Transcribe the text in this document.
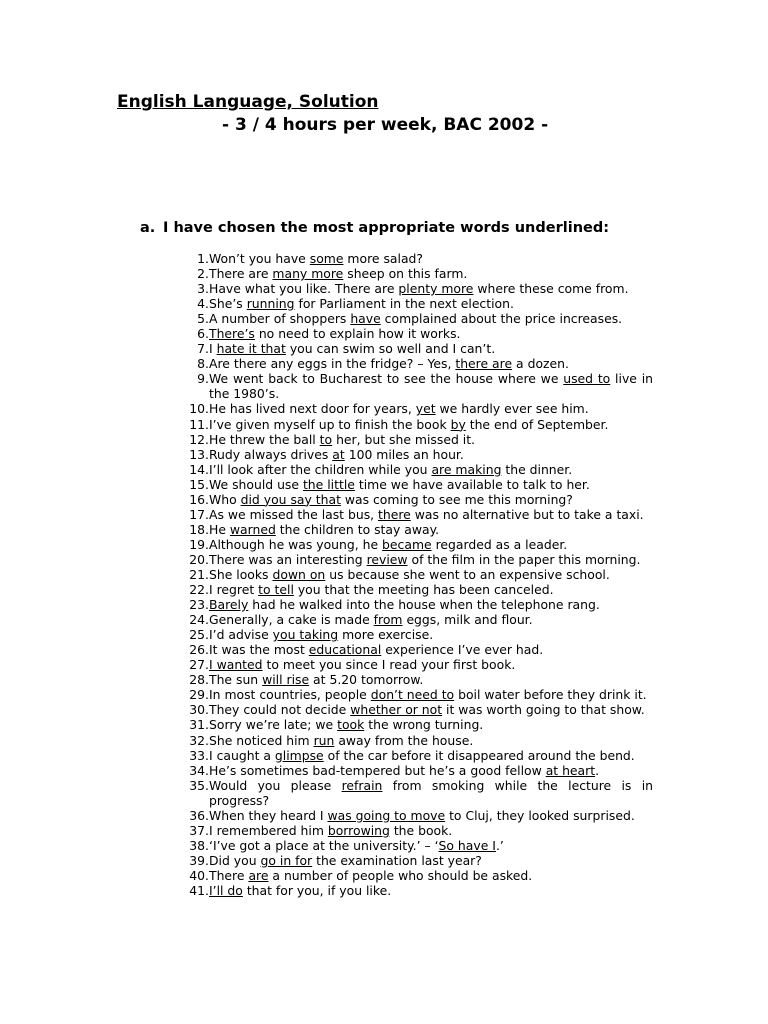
English Language, Solution
- 3 / 4 hours per week, BAC 2002 -
a. I have chosen the most appropriate words underlined:
1. Won’t you have some more salad?
2. There are many more sheep on this farm.
3. Have what you like. There are plenty more where these come from.
4. She’s running for Parliament in the next election.
5. A number of shoppers have complained about the price increases.
6. There’s no need to explain how it works.
7. I hate it that you can swim so well and I can’t.
8. Are there any eggs in the fridge? – Yes, there are a dozen.
9. We went back to Bucharest to see the house where we used to live in the 1980’s.
10. He has lived next door for years, yet we hardly ever see him.
11. I’ve given myself up to finish the book by the end of September.
12. He threw the ball to her, but she missed it.
13. Rudy always drives at 100 miles an hour.
14. I’ll look after the children while you are making the dinner.
15. We should use the little time we have available to talk to her.
16. Who did you say that was coming to see me this morning?
17. As we missed the last bus, there was no alternative but to take a taxi.
18. He warned the children to stay away.
19. Although he was young, he became regarded as a leader.
20. There was an interesting review of the film in the paper this morning.
21. She looks down on us because she went to an expensive school.
22. I regret to tell you that the meeting has been canceled.
23. Barely had he walked into the house when the telephone rang.
24. Generally, a cake is made from eggs, milk and flour.
25. I’d advise you taking more exercise.
26. It was the most educational experience I’ve ever had.
27. I wanted to meet you since I read your first book.
28. The sun will rise at 5.20 tomorrow.
29. In most countries, people don’t need to boil water before they drink it.
30. They could not decide whether or not it was worth going to that show.
31. Sorry we’re late; we took the wrong turning.
32. She noticed him run away from the house.
33. I caught a glimpse of the car before it disappeared around the bend.
34. He’s sometimes bad-tempered but he’s a good fellow at heart.
35. Would you please refrain from smoking while the lecture is in progress?
36. When they heard I was going to move to Cluj, they looked surprised.
37. I remembered him borrowing the book.
38. ‘I’ve got a place at the university.’ – ‘So have I.’
39. Did you go in for the examination last year?
40. There are a number of people who should be asked.
41. I’ll do that for you, if you like.
